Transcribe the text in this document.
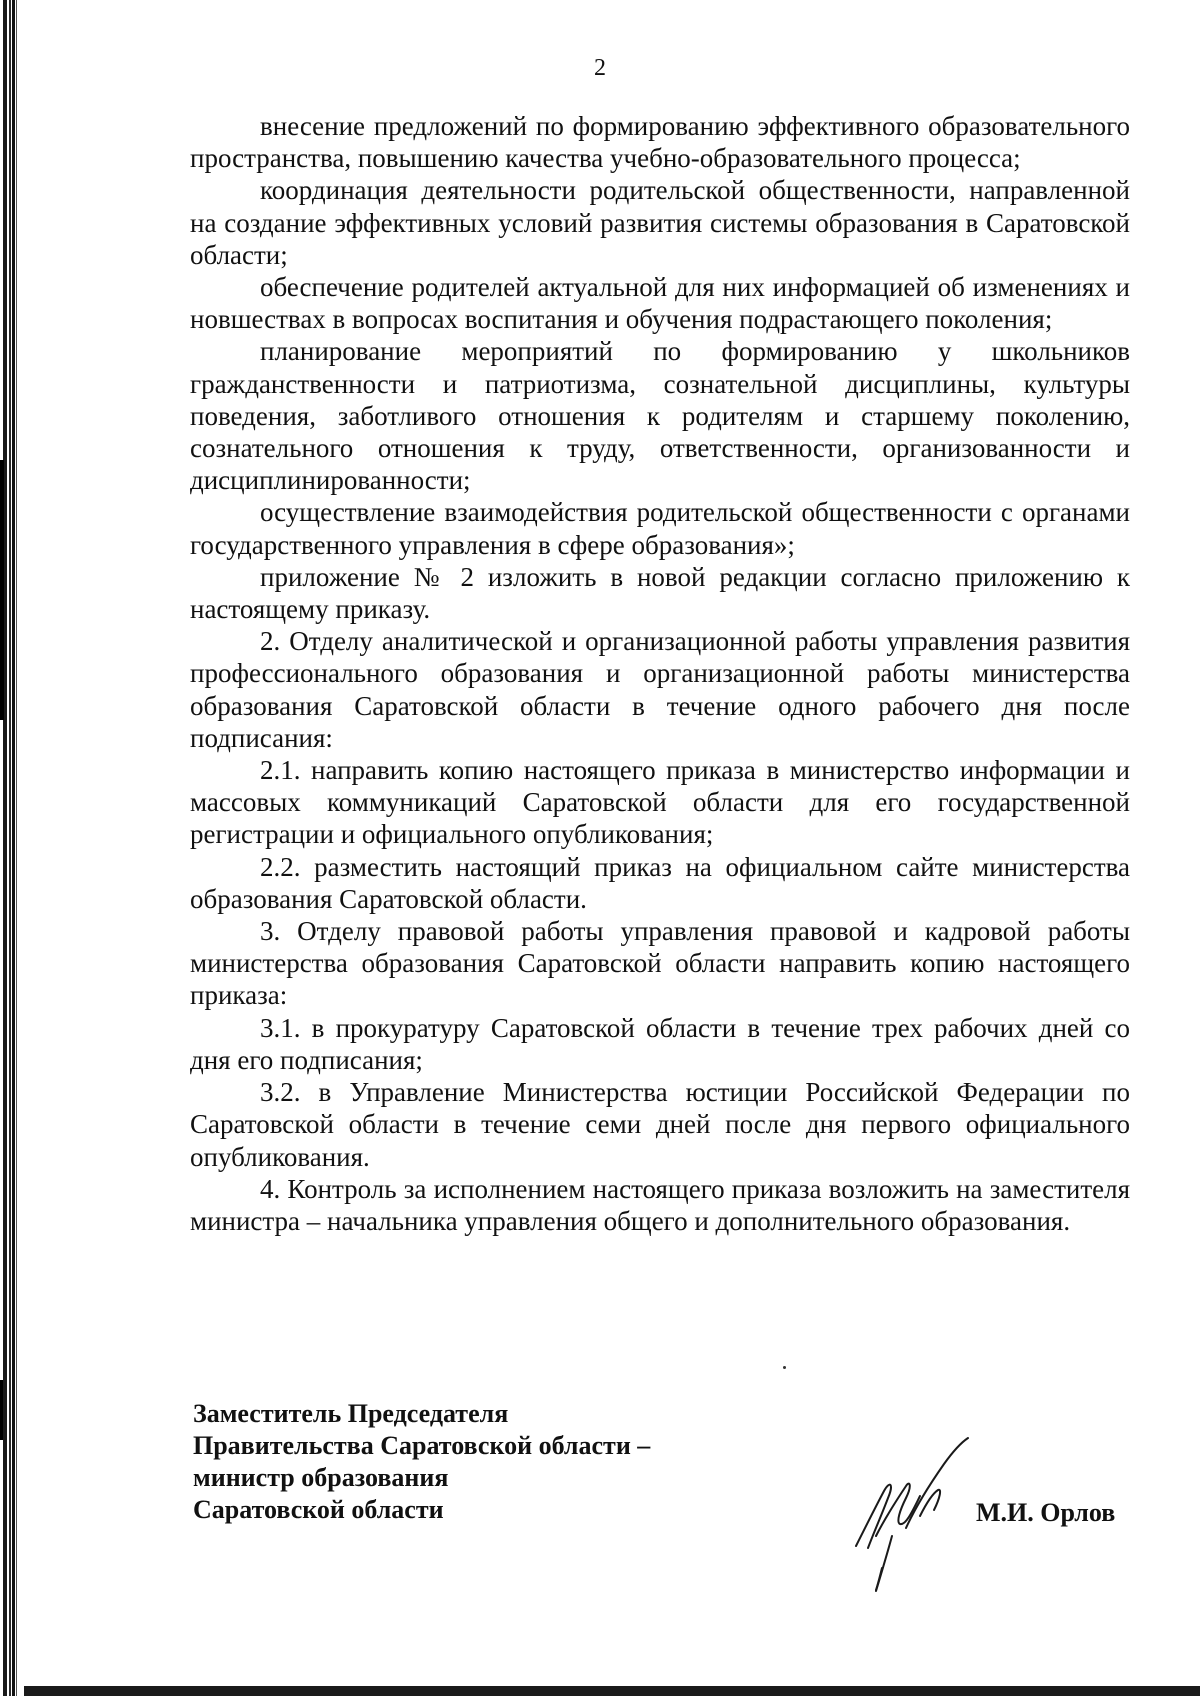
2

внесение предложений по формированию эффективного образовательного пространства, повышению качества учебно-образовательного процесса;

координация деятельности родительской общественности, направленной на создание эффективных условий развития системы образования в Саратовской области;

обеспечение родителей актуальной для них информацией об изменениях и новшествах в вопросах воспитания и обучения подрастающего поколения;

планирование мероприятий по формированию у школьников гражданственности и патриотизма, сознательной дисциплины, культуры поведения, заботливого отношения к родителям и старшему поколению, сознательного отношения к труду, ответственности, организованности и дисциплинированности;

осуществление взаимодействия родительской общественности с органами государственного управления в сфере образования»;

приложение № 2 изложить в новой редакции согласно приложению к настоящему приказу.

2. Отделу аналитической и организационной работы управления развития профессионального образования и организационной работы министерства образования Саратовской области в течение одного рабочего дня после подписания:

2.1. направить копию настоящего приказа в министерство информации и массовых коммуникаций Саратовской области для его государственной регистрации и официального опубликования;

2.2. разместить настоящий приказ на официальном сайте министерства образования Саратовской области.

3. Отделу правовой работы управления правовой и кадровой работы министерства образования Саратовской области направить копию настоящего приказа:

3.1. в прокуратуру Саратовской области в течение трех рабочих дней со дня его подписания;

3.2. в Управление Министерства юстиции Российской Федерации по Саратовской области в течение семи дней после дня первого официального опубликования.

4. Контроль за исполнением настоящего приказа возложить на заместителя министра – начальника управления общего и дополнительного образования.

Заместитель Председателя
Правительства Саратовской области –
министр образования
Саратовской области	М.И. Орлов
